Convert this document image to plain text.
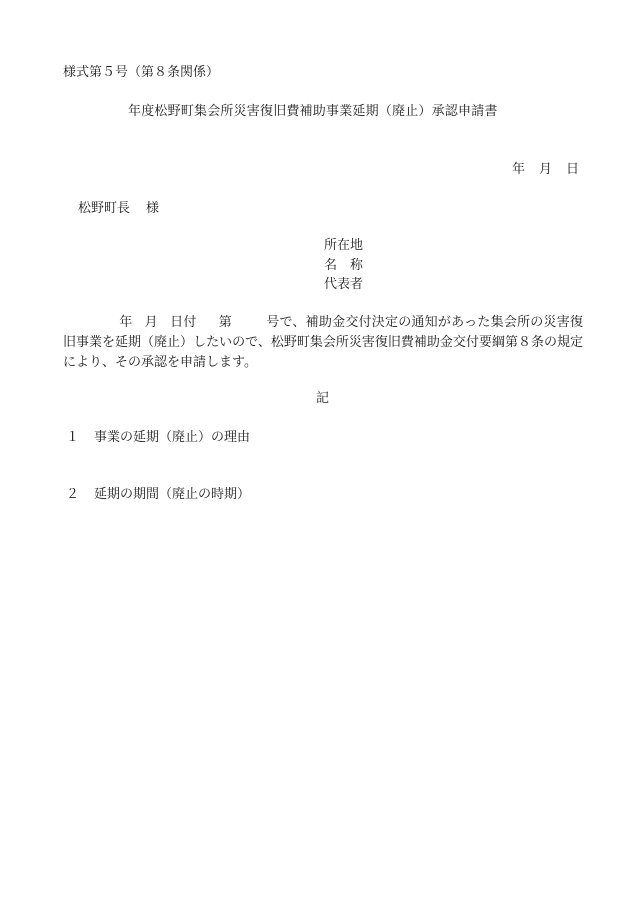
様式第５号（第８条関係）
年度松野町集会所災害復旧費補助事業延期（廃止）承認申請書
年 月 日
松野町長 様
所在地
名　称
代表者
年 月 日付 第	号で、補助金交付決定の通知があった集会所の災害復旧事業を延期（廃止）したいので、松野町集会所災害復旧費補助金交付要綱第８条の規定により、その承認を申請します。
記
１ 事業の延期（廃止）の理由
２ 延期の期間（廃止の時期）
